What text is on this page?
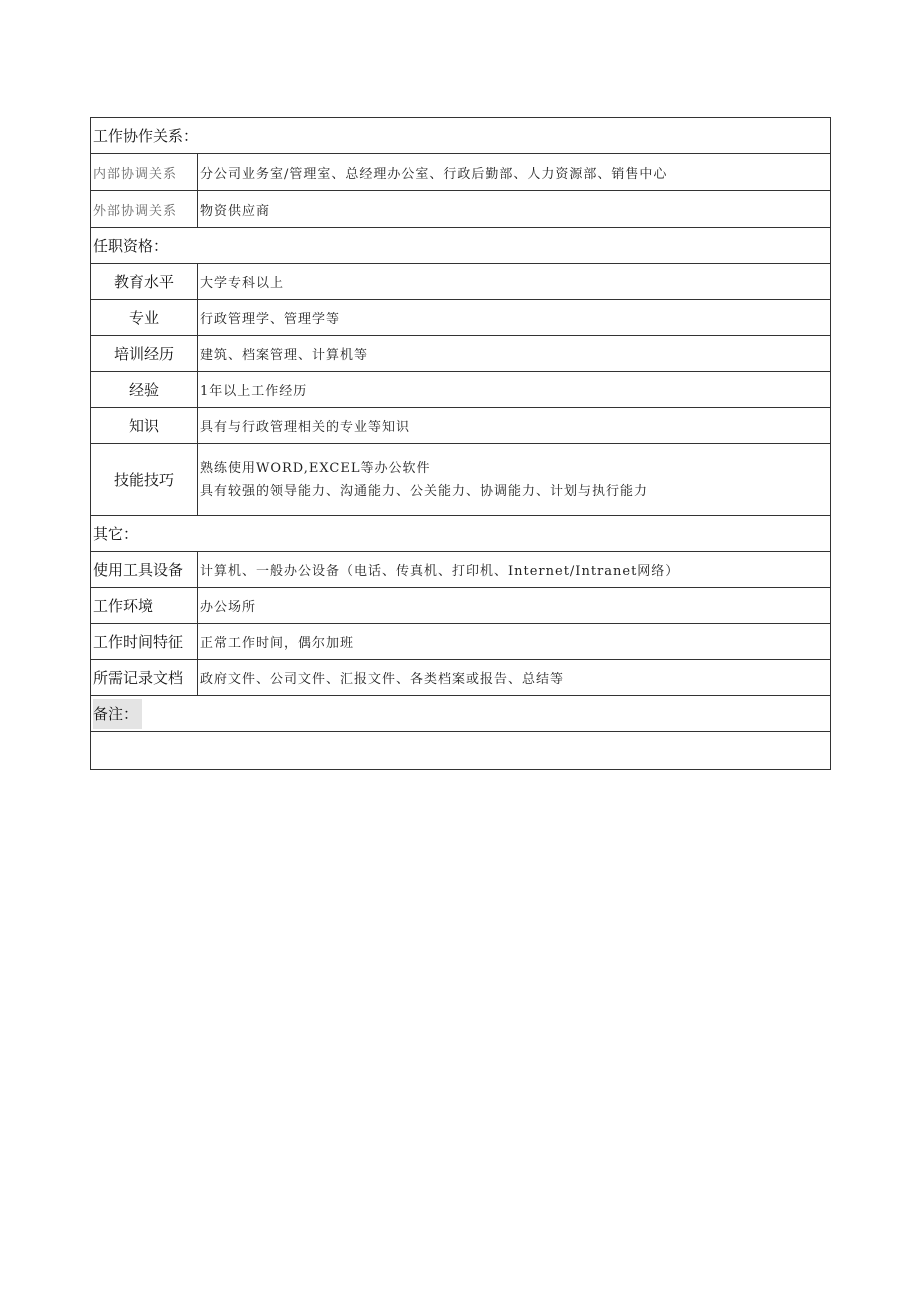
工作协作关系：	
内部协调关系	分公司业务室/管理室、总经理办公室、行政后勤部、人力资源部、销售中心
外部协调关系	物资供应商
任职资格：	
教育水平	大学专科以上
专业	行政管理学、管理学等
培训经历	建筑、档案管理、计算机等
经验	1年以上工作经历
知识	具有与行政管理相关的专业等知识
技能技巧	熟练使用WORD,EXCEL等办公软件
具有较强的领导能力、沟通能力、公关能力、协调能力、计划与执行能力

其它：	
使用工具设备	计算机、一般办公设备（电话、传真机、打印机、Internet/Intranet网络）
工作环境	办公场所
工作时间特征	正常工作时间，偶尔加班
所需记录文档	政府文件、公司文件、汇报文件、各类档案或报告、总结等
备注：	
